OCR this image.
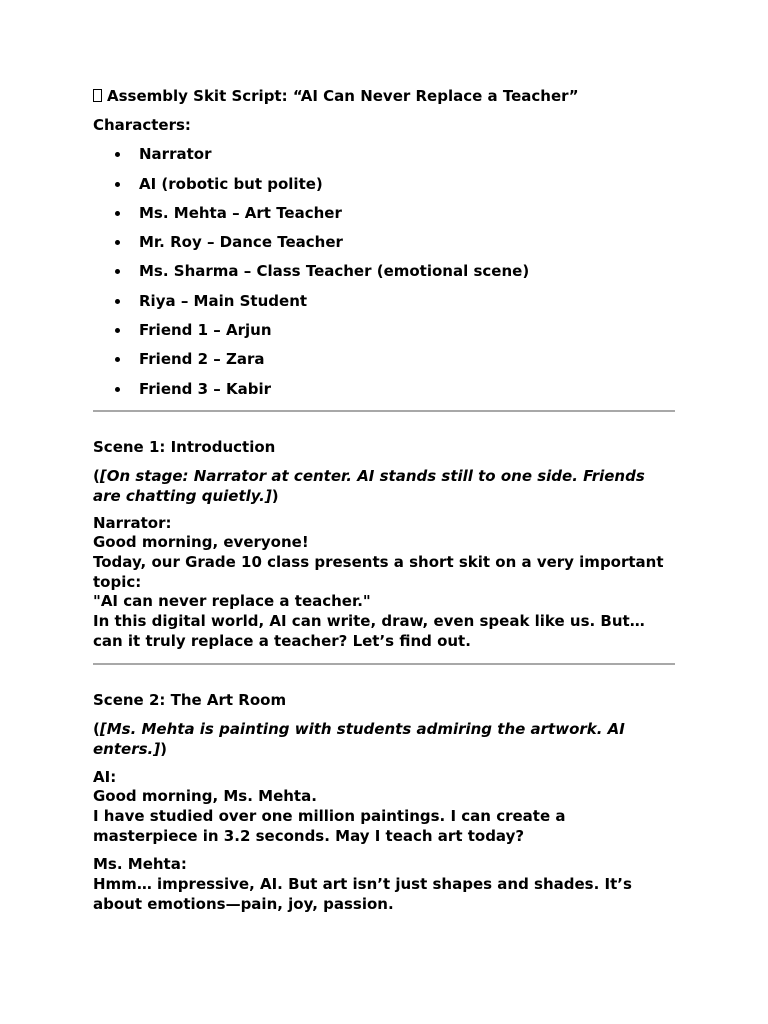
Assembly Skit Script: “AI Can Never Replace a Teacher”
Characters:
Narrator
AI (robotic but polite)
Ms. Mehta – Art Teacher
Mr. Roy – Dance Teacher
Ms. Sharma – Class Teacher (emotional scene)
Riya – Main Student
Friend 1 – Arjun
Friend 2 – Zara
Friend 3 – Kabir
Scene 1: Introduction
([On stage: Narrator at center. AI stands still to one side. Friends are chatting quietly.])
Narrator:
Good morning, everyone!
Today, our Grade 10 class presents a short skit on a very important topic:
"AI can never replace a teacher."
In this digital world, AI can write, draw, even speak like us. But… can it truly replace a teacher? Let’s find out.
Scene 2: The Art Room
([Ms. Mehta is painting with students admiring the artwork. AI enters.])
AI:
Good morning, Ms. Mehta.
I have studied over one million paintings. I can create a masterpiece in 3.2 seconds. May I teach art today?
Ms. Mehta:
Hmm… impressive, AI. But art isn’t just shapes and shades. It’s about emotions—pain, joy, passion.
